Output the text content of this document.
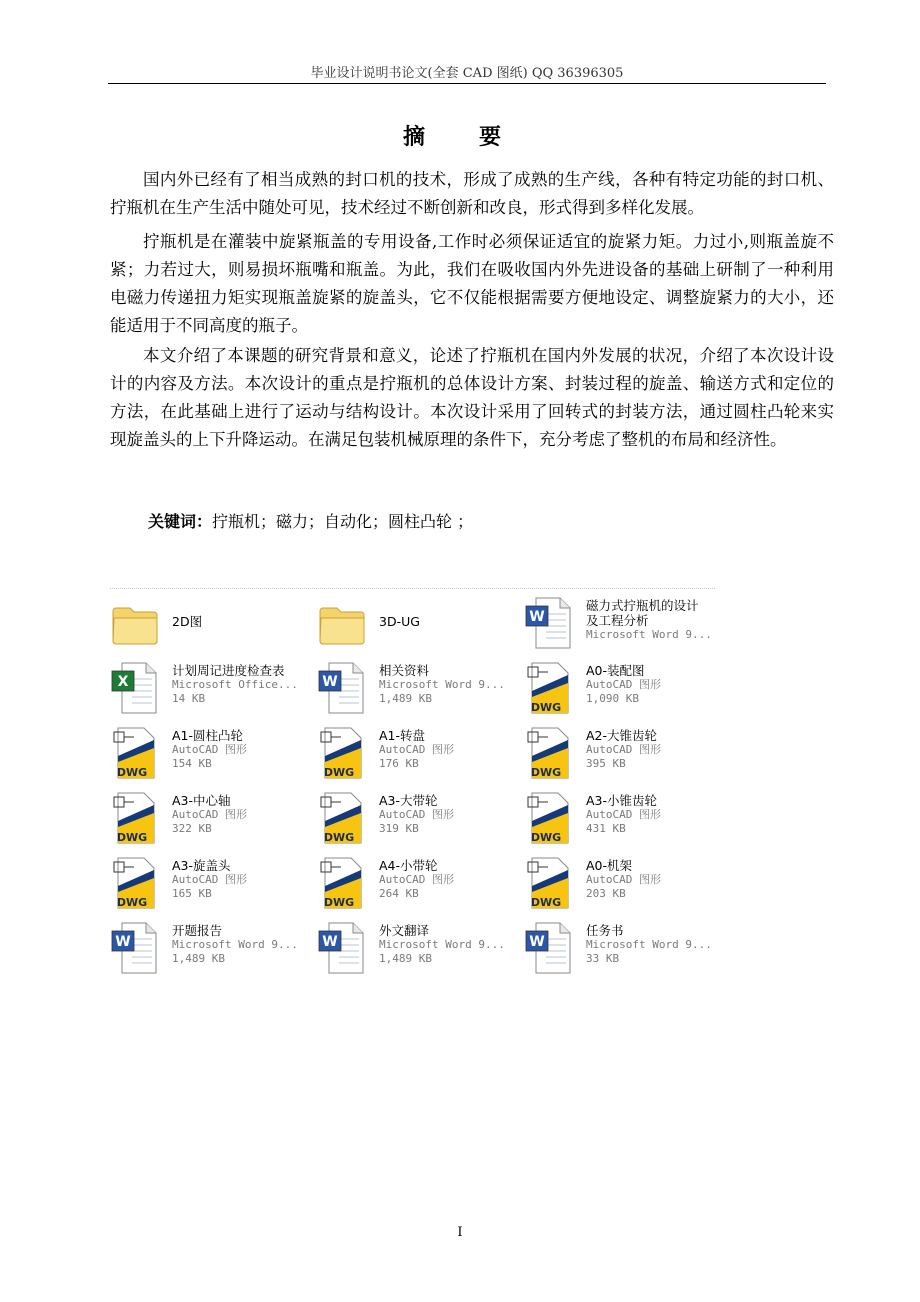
毕业设计说明书论文(全套 CAD 图纸) QQ 36396305
摘　要

国内外已经有了相当成熟的封口机的技术，形成了成熟的生产线，各种有特定功能的封口机、拧瓶机在生产生活中随处可见，技术经过不断创新和改良，形式得到多样化发展。

拧瓶机是在灌装中旋紧瓶盖的专用设备,工作时必须保证适宜的旋紧力矩。力过小,则瓶盖旋不紧；力若过大，则易损坏瓶嘴和瓶盖。为此，我们在吸收国内外先进设备的基础上研制了一种利用电磁力传递扭力矩实现瓶盖旋紧的旋盖头，它不仅能根据需要方便地设定、调整旋紧力的大小，还能适用于不同高度的瓶子。

本文介绍了本课题的研究背景和意义，论述了拧瓶机在国内外发展的状况，介绍了本次设计设计的内容及方法。本次设计的重点是拧瓶机的总体设计方案、封装过程的旋盖、输送方式和定位的方法，在此基础上进行了运动与结构设计。本次设计采用了回转式的封装方法，通过圆柱凸轮来实现旋盖头的上下升降运动。在满足包装机械原理的条件下，充分考虑了整机的布局和经济性。

关键词：拧瓶机；磁力；自动化；圆柱凸轮 ；
2D图	3D-UG	W
磁力式拧瓶机的设计
及工程分析
Microsoft Word 9...
X
计划周记进度检查表
Microsoft Office...
14 KB
W
相关资料
Microsoft Word 9...
1,489 KB
DWG
A0-装配图
AutoCAD 图形
1,090 KB
DWG
A1-圆柱凸轮
AutoCAD 图形
154 KB
DWG
A1-转盘
AutoCAD 图形
176 KB
DWG
A2-大锥齿轮
AutoCAD 图形
395 KB
DWG
A3-中心轴
AutoCAD 图形
322 KB
DWG
A3-大带轮
AutoCAD 图形
319 KB
DWG
A3-小锥齿轮
AutoCAD 图形
431 KB
DWG
A3-旋盖头
AutoCAD 图形
165 KB
DWG
A4-小带轮
AutoCAD 图形
264 KB
DWG
A0-机架
AutoCAD 图形
203 KB
W
开题报告
Microsoft Word 9...
1,489 KB
W
外文翻译
Microsoft Word 9...
1,489 KB
W
任务书
Microsoft Word 9...
33 KB
I
